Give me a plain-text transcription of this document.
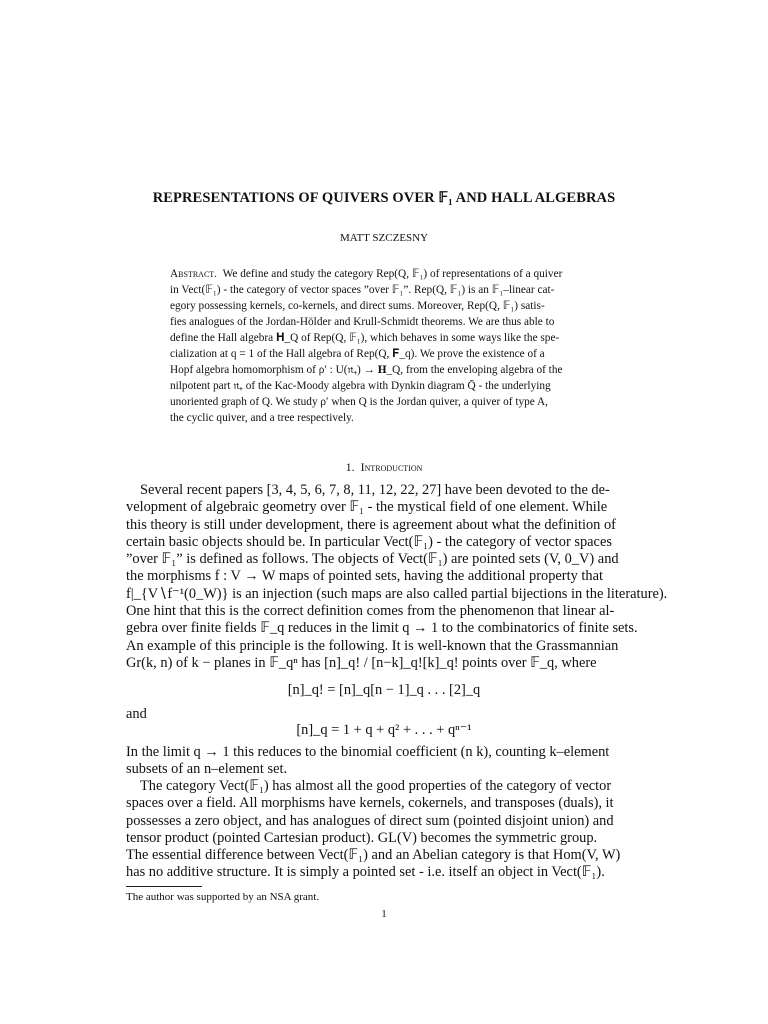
REPRESENTATIONS OF QUIVERS OVER 𝔽₁ AND HALL ALGEBRAS
MATT SZCZESNY
Abstract. We define and study the category Rep(Q, 𝔽₁) of representations of a quiver
in Vect(𝔽₁) - the category of vector spaces ”over 𝔽₁”. Rep(Q, 𝔽₁) is an 𝔽₁–linear cat-
egory possessing kernels, co-kernels, and direct sums. Moreover, Rep(Q, 𝔽₁) satis-
fies analogues of the Jordan-Hölder and Krull-Schmidt theorems. We are thus able to
define the Hall algebra 𝐇_Q of Rep(Q, 𝔽₁), which behaves in some ways like the spe-
cialization at q = 1 of the Hall algebra of Rep(Q, 𝐅_q). We prove the existence of a
Hopf algebra homomorphism of ρ′ : U(𝔫₊) → 𝐇_Q, from the enveloping algebra of the
nilpotent part 𝔫₊ of the Kac-Moody algebra with Dynkin diagram Q̄ - the underlying
unoriented graph of Q. We study ρ′ when Q is the Jordan quiver, a quiver of type A,
the cyclic quiver, and a tree respectively.
1. Introduction
Several recent papers [3, 4, 5, 6, 7, 8, 11, 12, 22, 27] have been devoted to the de-
velopment of algebraic geometry over 𝔽₁ - the mystical field of one element. While
this theory is still under development, there is agreement about what the definition of
certain basic objects should be. In particular Vect(𝔽₁) - the category of vector spaces
”over 𝔽₁” is defined as follows. The objects of Vect(𝔽₁) are pointed sets (V, 0_V) and
the morphisms f : V → W maps of pointed sets, having the additional property that
f|_{V∖f⁻¹(0_W)} is an injection (such maps are also called partial bijections in the literature).
One hint that this is the correct definition comes from the phenomenon that linear al-
gebra over finite fields 𝔽_q reduces in the limit q → 1 to the combinatorics of finite sets.
An example of this principle is the following. It is well-known that the Grassmannian
Gr(k, n) of k − planes in 𝔽_qⁿ has [n]_q! / [n−k]_q![k]_q! points over 𝔽_q, where
[n]_q! = [n]_q[n − 1]_q . . . [2]_q
and
[n]_q = 1 + q + q² + . . . + qⁿ⁻¹
In the limit q → 1 this reduces to the binomial coefficient (n k), counting k–element
subsets of an n–element set.
The category Vect(𝔽₁) has almost all the good properties of the category of vector
spaces over a field. All morphisms have kernels, cokernels, and transposes (duals), it
possesses a zero object, and has analogues of direct sum (pointed disjoint union) and
tensor product (pointed Cartesian product). GL(V) becomes the symmetric group.
The essential difference between Vect(𝔽₁) and an Abelian category is that Hom(V, W)
has no additive structure. It is simply a pointed set - i.e. itself an object in Vect(𝔽₁).
The author was supported by an NSA grant.
1
